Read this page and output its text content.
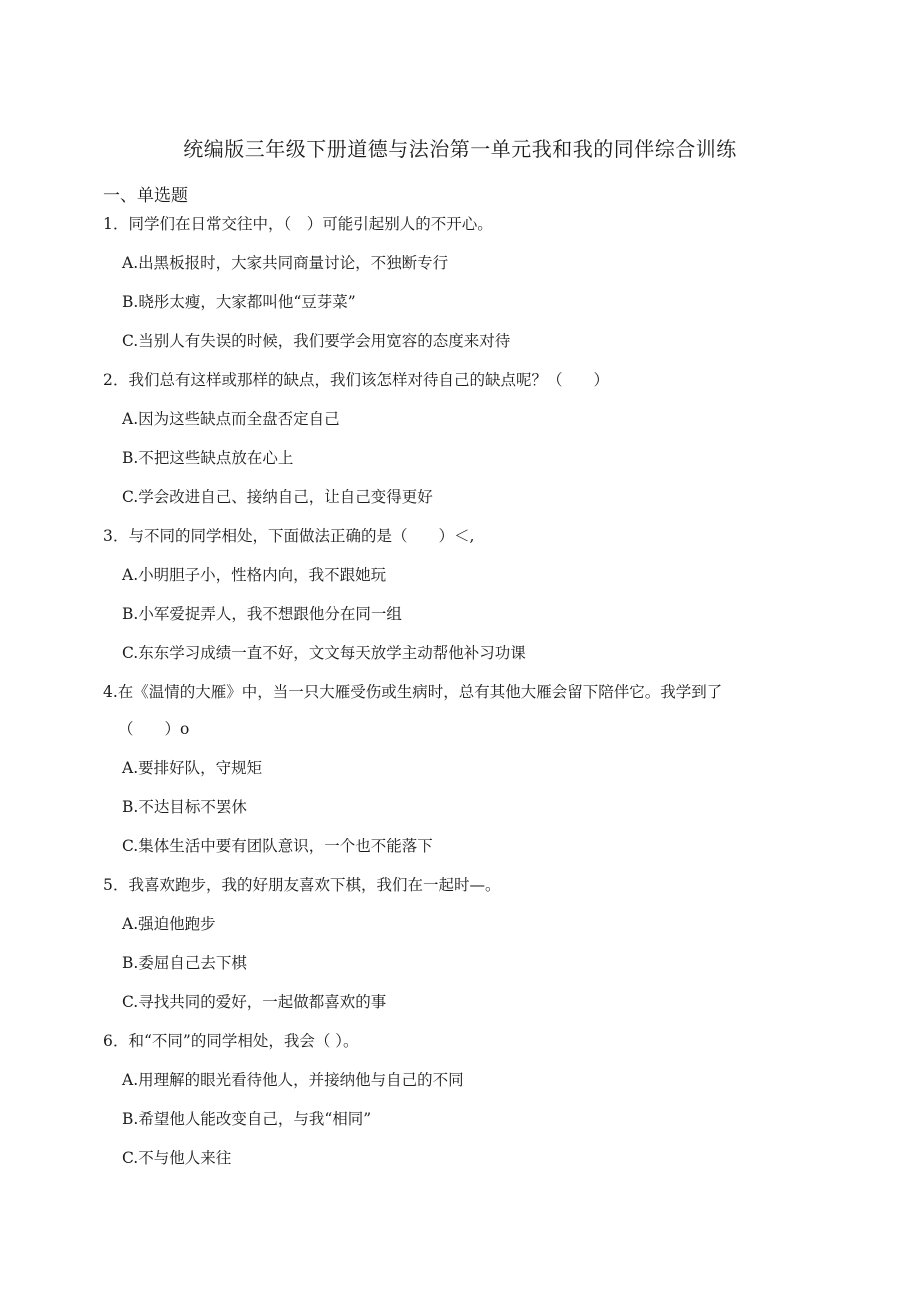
统编版三年级下册道德与法治第一单元我和我的同伴综合训练
一、单选题
1．同学们在日常交往中，（　）可能引起别人的不开心。
A.出黑板报时，大家共同商量讨论，不独断专行
B.晓彤太瘦，大家都叫他“豆芽菜”
C.当别人有失误的时候，我们要学会用宽容的态度来对待
2．我们总有这样或那样的缺点，我们该怎样对待自己的缺点呢？（　　）
A.因为这些缺点而全盘否定自己
B.不把这些缺点放在心上
C.学会改进自己、接纳自己，让自己变得更好
3．与不同的同学相处，下面做法正确的是（　　）＜,
A.小明胆子小，性格内向，我不跟她玩
B.小军爱捉弄人，我不想跟他分在同一组
C.东东学习成绩一直不好，文文每天放学主动帮他补习功课
4.在《温情的大雁》中，当一只大雁受伤或生病时，总有其他大雁会留下陪伴它。我学到了
（　　）o
A.要排好队，守规矩
B.不达目标不罢休
C.集体生活中要有团队意识，一个也不能落下
5．我喜欢跑步，我的好朋友喜欢下棋，我们在一起时—。
A.强迫他跑步
B.委屈自己去下棋
C.寻找共同的爱好，一起做都喜欢的事
6．和“不同”的同学相处，我会（ ）。
A.用理解的眼光看待他人，并接纳他与自己的不同
B.希望他人能改变自己，与我“相同”
C.不与他人来往
